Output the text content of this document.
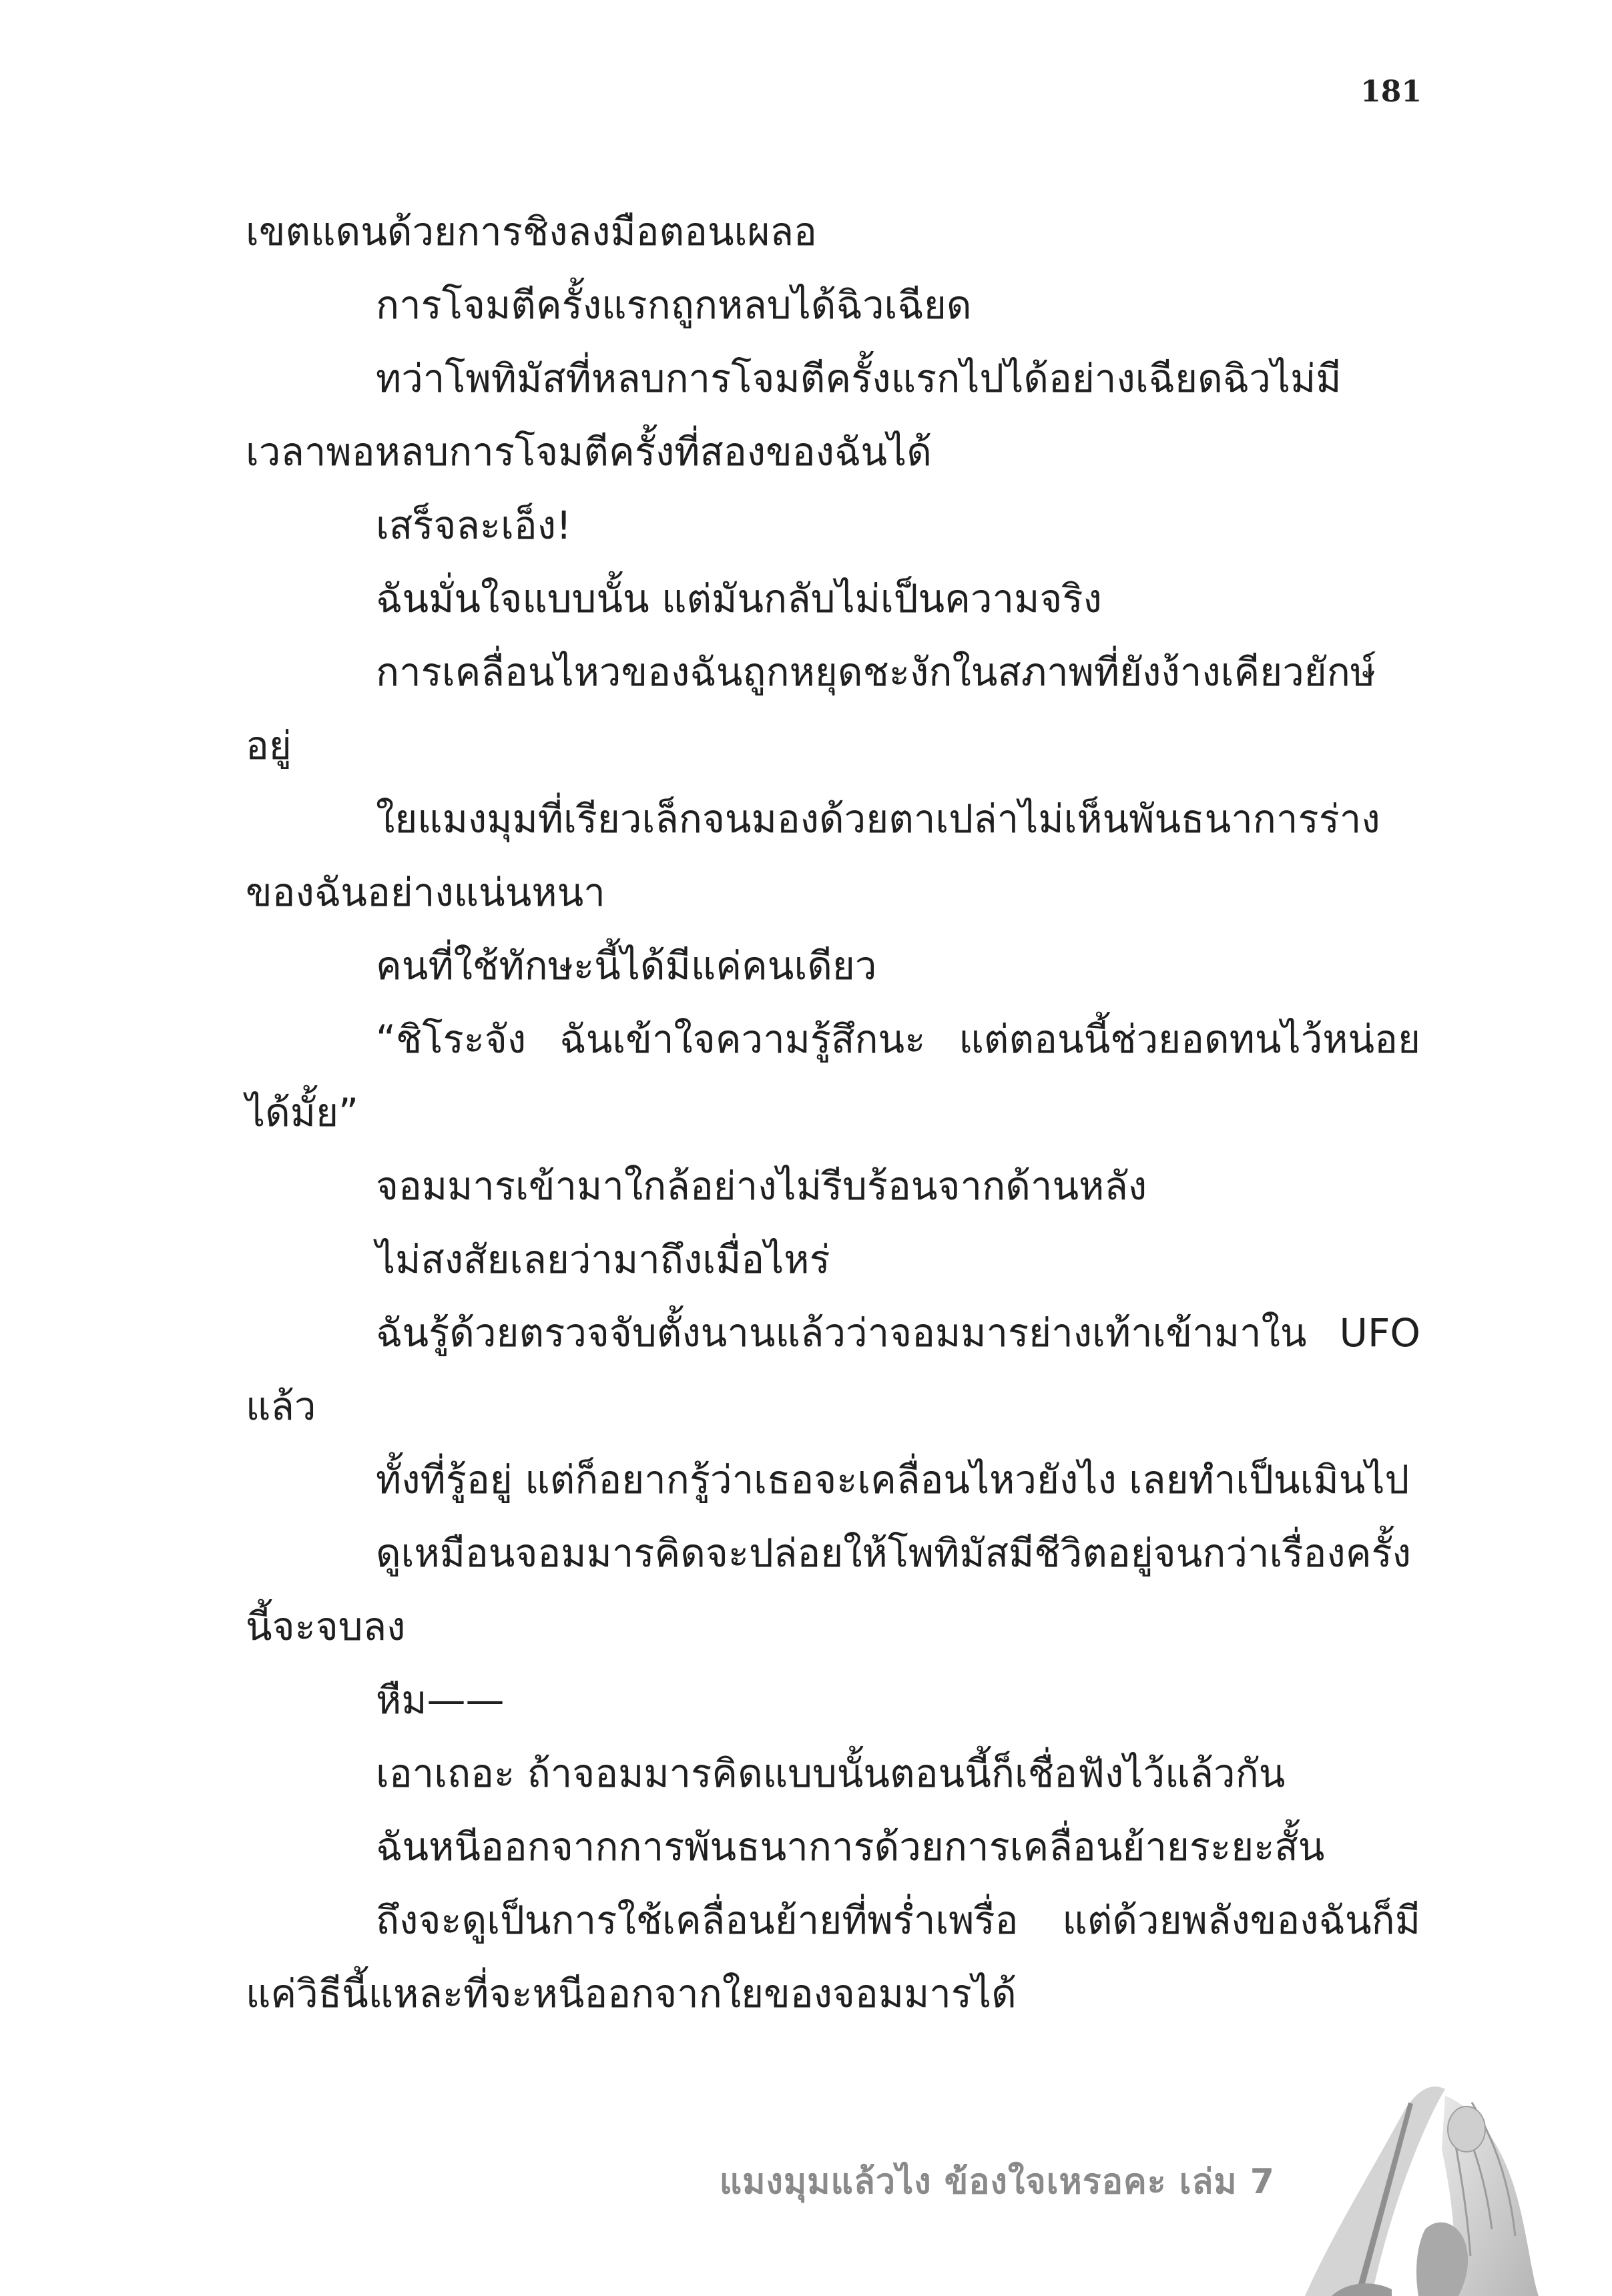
181

เขตแดนด้วยการชิงลงมือตอนเผลอ

การโจมตีครั้งแรกถูกหลบได้ฉิวเฉียด

ทว่าโพทิมัสที่หลบการโจมตีครั้งแรกไปได้อย่างเฉียดฉิวไม่มีเวลาพอหลบการโจมตีครั้งที่สองของฉันได้

เสร็จละเอ็ง!

ฉันมั่นใจแบบนั้น แต่มันกลับไม่เป็นความจริง

การเคลื่อนไหวของฉันถูกหยุดชะงักในสภาพที่ยังง้างเคียวยักษ์อยู่

ใยแมงมุมที่เรียวเล็กจนมองด้วยตาเปล่าไม่เห็นพันธนาการร่างของฉันอย่างแน่นหนา

คนที่ใช้ทักษะนี้ได้มีแค่คนเดียว

“ชิโระจัง ฉันเข้าใจความรู้สึกนะ แต่ตอนนี้ช่วยอดทนไว้หน่อยได้มั้ย”

จอมมารเข้ามาใกล้อย่างไม่รีบร้อนจากด้านหลัง

ไม่สงสัยเลยว่ามาถึงเมื่อไหร่

ฉันรู้ด้วยตรวจจับตั้งนานแล้วว่าจอมมารย่างเท้าเข้ามาใน UFO แล้ว

ทั้งที่รู้อยู่ แต่ก็อยากรู้ว่าเธอจะเคลื่อนไหวยังไง เลยทำเป็นเมินไป

ดูเหมือนจอมมารคิดจะปล่อยให้โพทิมัสมีชีวิตอยู่จนกว่าเรื่องครั้งนี้จะจบลง

หืม——

เอาเถอะ ถ้าจอมมารคิดแบบนั้นตอนนี้ก็เชื่อฟังไว้แล้วกัน

ฉันหนีออกจากการพันธนาการด้วยการเคลื่อนย้ายระยะสั้น

ถึงจะดูเป็นการใช้เคลื่อนย้ายที่พร่ำเพรื่อ แต่ด้วยพลังของฉันก็มีแค่วิธีนี้แหละที่จะหนีออกจากใยของจอมมารได้

แมงมุมแล้วไง ข้องใจเหรอคะ เล่ม 7
